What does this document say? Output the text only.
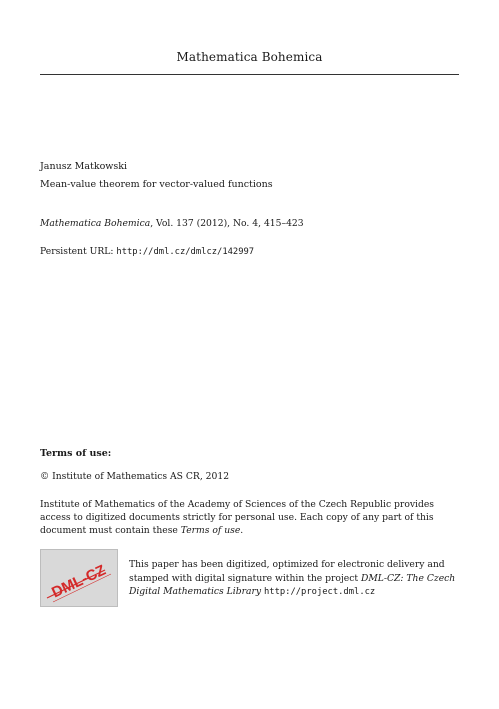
Mathematica Bohemica
Janusz Matkowski
Mean-value theorem for vector-valued functions
Mathematica Bohemica, Vol. 137 (2012), No. 4, 415–423
Persistent URL: http://dml.cz/dmlcz/142997
Terms of use:
© Institute of Mathematics AS CR, 2012
Institute of Mathematics of the Academy of Sciences of the Czech Republic provides access to digitized documents strictly for personal use. Each copy of any part of this document must contain these Terms of use.
DML-CZ This paper has been digitized, optimized for electronic delivery and stamped with digital signature within the project DML-CZ: The Czech Digital Mathematics Library http://project.dml.cz
